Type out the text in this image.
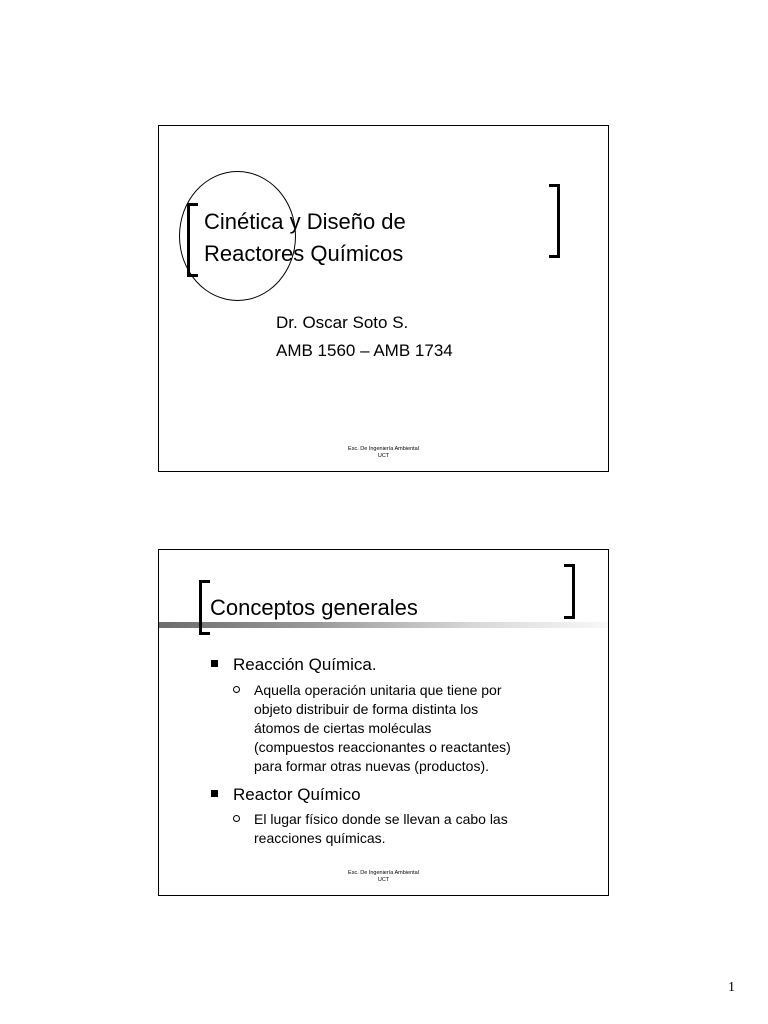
Cinética y Diseño de
Reactores Químicos
Dr. Oscar Soto S.
AMB 1560 – AMB 1734
Esc. De Ingeniería Ambiental
UCT
Conceptos generales
Reacción Química.
Aquella operación unitaria que tiene por
objeto distribuir de forma distinta los
átomos de ciertas moléculas
(compuestos reaccionantes o reactantes)
para formar otras nuevas (productos).
Reactor Químico
El lugar físico donde se llevan a cabo las
reacciones químicas.
Esc. De Ingeniería Ambiental
UCT
1
